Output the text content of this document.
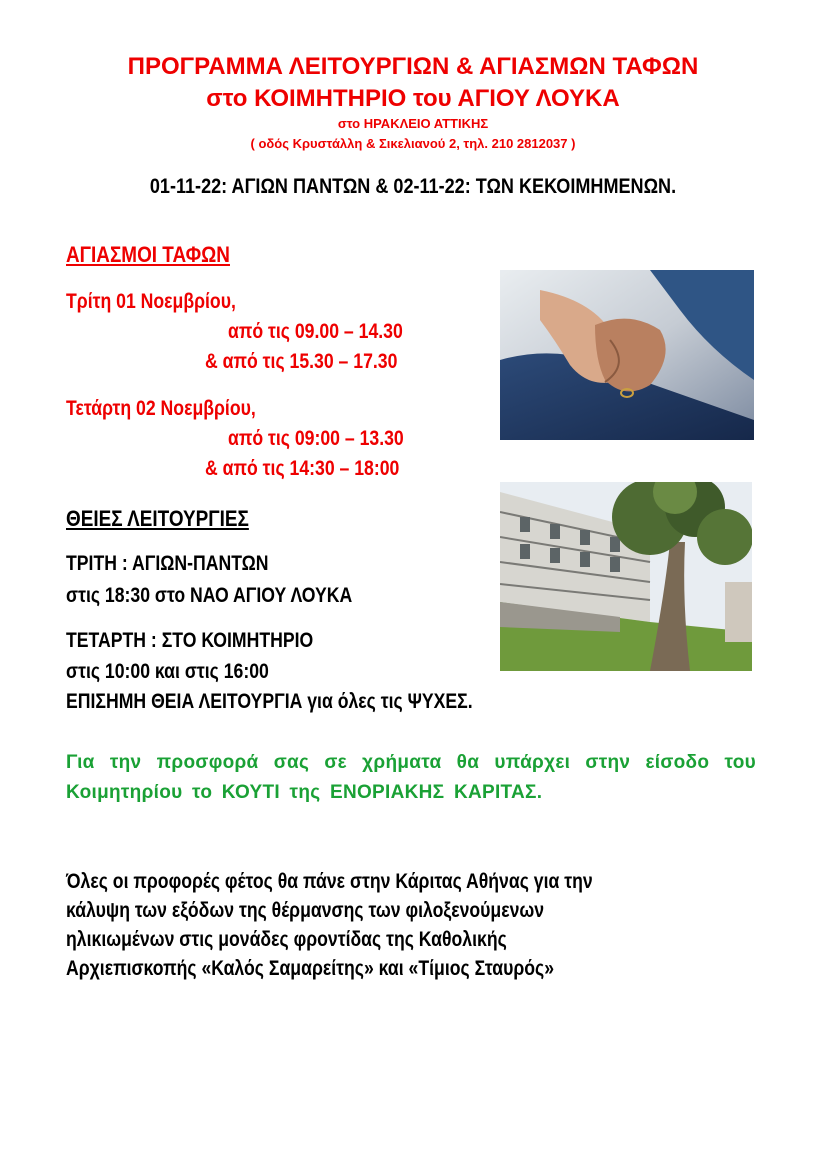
ΠΡΟΓΡΑΜΜΑ ΛΕΙΤΟΥΡΓΙΩΝ & ΑΓΙΑΣΜΩΝ ΤΑΦΩΝ
στο ΚΟΙΜΗΤΗΡΙΟ του ΑΓΙΟΥ ΛΟΥΚΑ
στο ΗΡΑΚΛΕΙΟ ΑΤΤΙΚΗΣ
( οδός Κρυστάλλη & Σικελιανού 2, τηλ. 210 2812037 )
01-11-22: ΑΓΙΩΝ ΠΑΝΤΩΝ & 02-11-22: ΤΩΝ ΚΕΚΟΙΜΗΜΕΝΩΝ.
ΑΓΙΑΣΜΟΙ ΤΑΦΩΝ
Τρίτη 01 Νοεμβρίου,
από τις 09.00 – 14.30
& από τις 15.30 – 17.30
Τετάρτη 02 Νοεμβρίου,
από τις 09:00 – 13.30
& από τις 14:30 – 18:00
ΘΕΙΕΣ ΛΕΙΤΟΥΡΓΙΕΣ
ΤΡΙΤΗ : ΑΓΙΩΝ-ΠΑΝΤΩΝ
στις 18:30 στο ΝΑΟ ΑΓΙΟΥ ΛΟΥΚΑ
ΤΕΤΑΡΤΗ : ΣΤΟ ΚΟΙΜΗΤΗΡΙΟ
στις 10:00 και στις 16:00
ΕΠΙΣΗΜΗ ΘΕΙΑ ΛΕΙΤΟΥΡΓΙΑ για όλες τις ΨΥΧΕΣ.
Για την προσφορά σας σε χρήματα θα υπάρχει στην είσοδο του Κοιμητηρίου το ΚΟΥΤΙ της ΕΝΟΡΙΑΚΗΣ ΚΑΡΙΤΑΣ.
Όλες οι προφορές φέτος θα πάνε στην Κάριτας Αθήνας για την
κάλυψη των εξόδων της θέρμανσης των φιλοξενούμενων
ηλικιωμένων στις μονάδες φροντίδας της Καθολικής
Αρχιεπισκοπής «Καλός Σαμαρείτης» και «Τίμιος Σταυρός»
